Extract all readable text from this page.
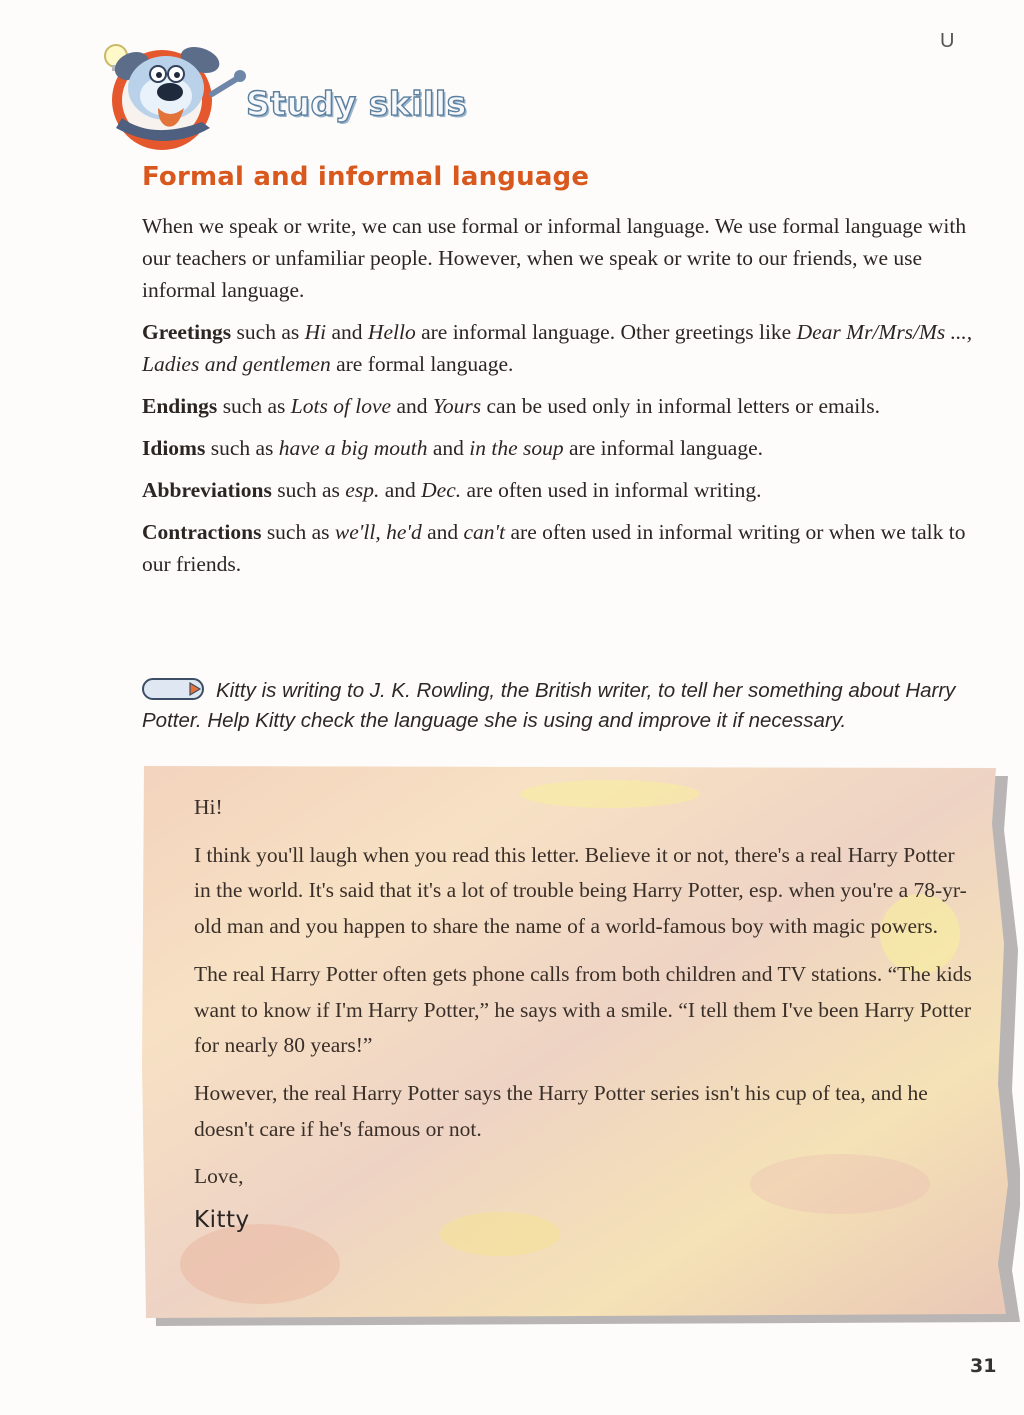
U
Study skills
Formal and informal language

When we speak or write, we can use formal or informal language. We use formal language with our teachers or unfamiliar people. However, when we speak or write to our friends, we use informal language.

Greetings such as Hi and Hello are informal language. Other greetings like Dear Mr/Mrs/Ms ..., Ladies and gentlemen are formal language.

Endings such as Lots of love and Yours can be used only in informal letters or emails.

Idioms such as have a big mouth and in the soup are informal language.

Abbreviations such as esp. and Dec. are often used in informal writing.

Contractions such as we'll, he'd and can't are often used in informal writing or when we talk to our friends.

Kitty is writing to J. K. Rowling, the British writer, to tell her something about Harry Potter. Help Kitty check the language she is using and improve it if necessary.

Hi!

I think you'll laugh when you read this letter. Believe it or not, there's a real Harry Potter in the world. It's said that it's a lot of trouble being Harry Potter, esp. when you're a 78-yr-old man and you happen to share the name of a world-famous boy with magic powers.

The real Harry Potter often gets phone calls from both children and TV stations. “The kids want to know if I'm Harry Potter,” he says with a smile. “I tell them I've been Harry Potter for nearly 80 years!”

However, the real Harry Potter says the Harry Potter series isn't his cup of tea, and he doesn't care if he's famous or not.

Love,

Kitty
31
